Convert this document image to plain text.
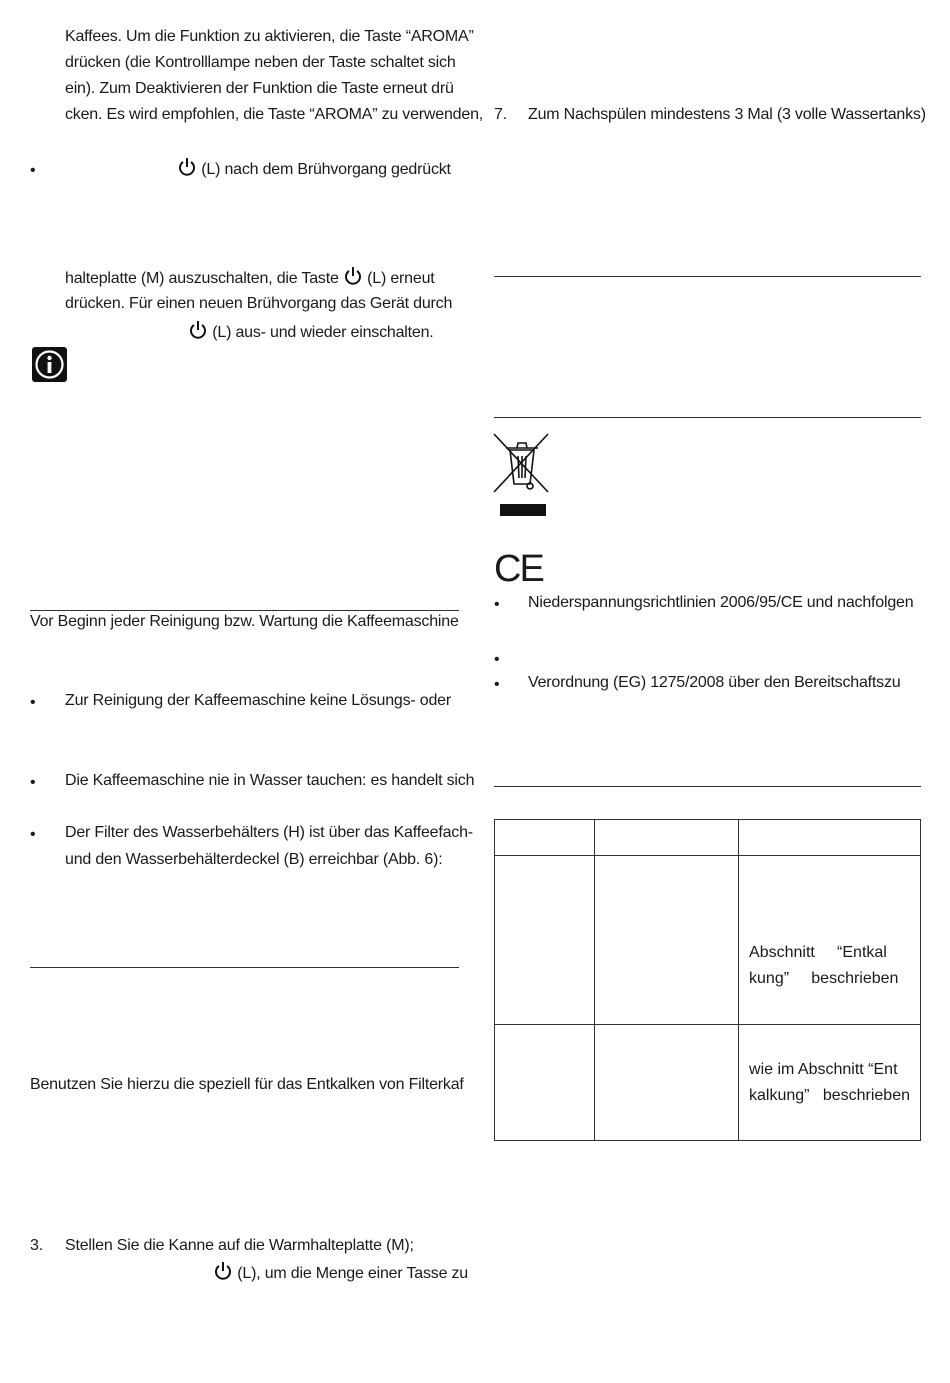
Kaffees. Um die Funktion zu aktivieren, die Taste “AROMA”
drücken (die Kontrolllampe neben der Taste schaltet sich
ein). Zum Deaktivieren der Funktion die Taste erneut drü
cken. Es wird empfohlen, die Taste “AROMA” zu verwenden,
•	(L) nach dem Brühvorgang gedrückt
halteplatte (M) auszuschalten, die Taste (L) erneut
drücken. Für einen neuen Brühvorgang das Gerät durch
(L) aus- und wieder einschalten.
Vor Beginn jeder Reinigung bzw. Wartung die Kaffeemaschine
• Zur Reinigung der Kaffeemaschine keine Lösungs- oder
• Die Kaffeemaschine nie in Wasser tauchen: es handelt sich
• Der Filter des Wasserbehälters (H) ist über das Kaffeefach-
und den Wasserbehälterdeckel (B) erreichbar (Abb. 6):
Benutzen Sie hierzu die speziell für das Entkalken von Filterkaf
3. Stellen Sie die Kanne auf die Warmhalteplatte (M);
(L), um die Menge einer Tasse zu
7. Zum Nachspülen mindestens 3 Mal (3 volle Wassertanks)
CE
• Niederspannungsrichtlinien 2006/95/CE und nachfolgen
•
• Verordnung (EG) 1275/2008 über den Bereitschaftszu

		Abschnitt     “Entkal
kung”     beschrieben

		wie im Abschnitt “Ent
kalkung”   beschrieben
